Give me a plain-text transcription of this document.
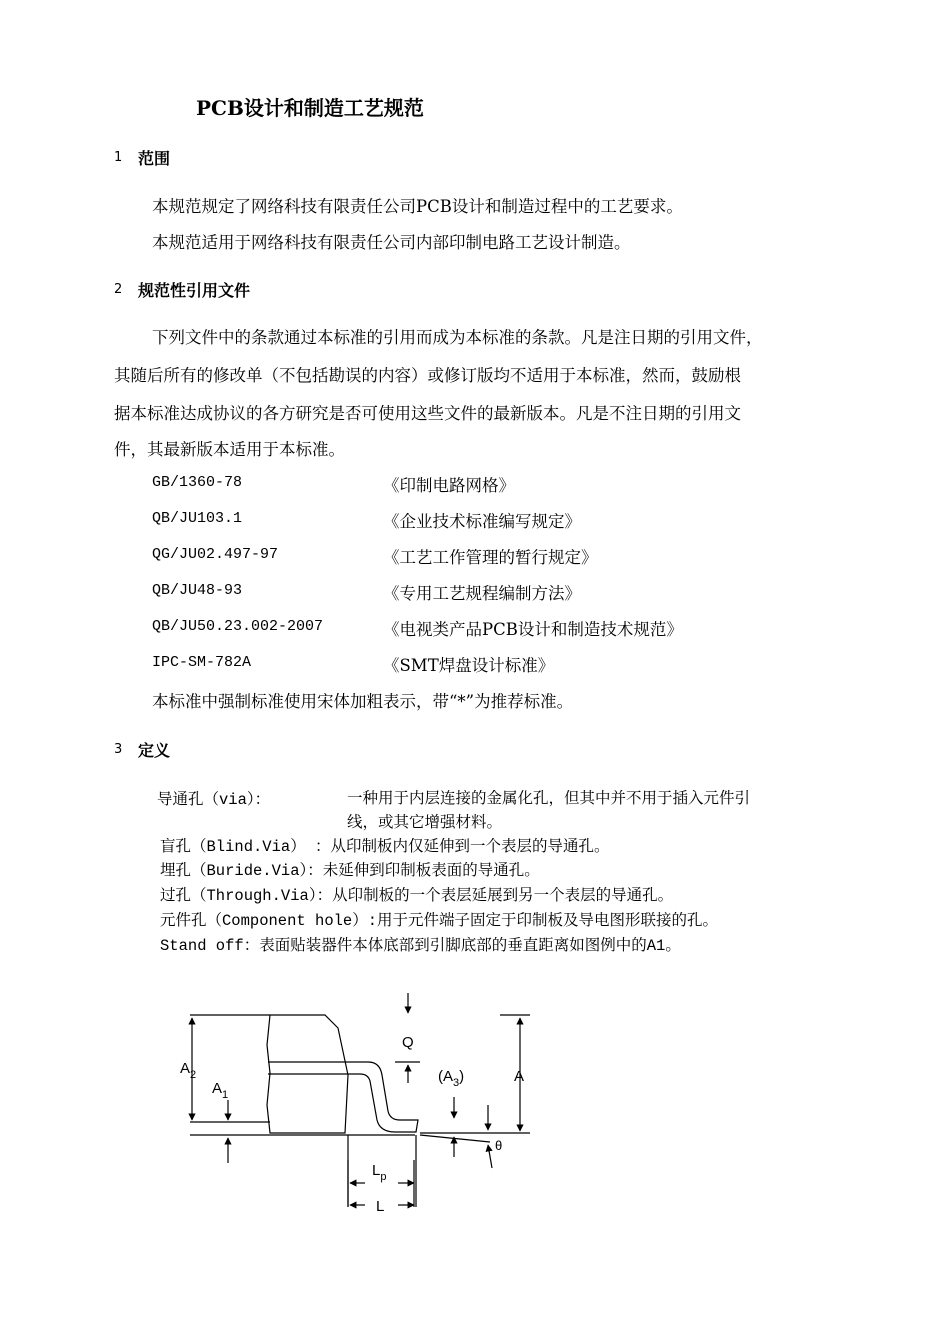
PCB设计和制造工艺规范
1 范围
本规范规定了网络科技有限责任公司PCB设计和制造过程中的工艺要求。
本规范适用于网络科技有限责任公司内部印制电路工艺设计制造。
2 规范性引用文件
下列文件中的条款通过本标准的引用而成为本标准的条款。凡是注日期的引用文件，
其随后所有的修改单（不包括勘误的内容）或修订版均不适用于本标准，然而，鼓励根
据本标准达成协议的各方研究是否可使用这些文件的最新版本。凡是不注日期的引用文
件，其最新版本适用于本标准。
GB/1360-78	《印制电路网格》
QB/JU103.1	《企业技术标准编写规定》
QG/JU02.497-97	《工艺工作管理的暂行规定》
QB/JU48-93	《专用工艺规程编制方法》
QB/JU50.23.002-2007	《电视类产品PCB设计和制造技术规范》
IPC-SM-782A	《SMT焊盘设计标准》
本标准中强制标准使用宋体加粗表示，带“*”为推荐标准。
3 定义
导通孔（via）：	一种用于内层连接的金属化孔，但其中并不用于插入元件引
线，或其它增强材料。
盲孔（Blind.Via） ：从印制板内仅延伸到一个表层的导通孔。
埋孔（Buride.Via）：未延伸到印制板表面的导通孔。
过孔（Through.Via）：从印制板的一个表层延展到另一个表层的导通孔。
元件孔（Component hole）:用于元件端子固定于印制板及导电图形联接的孔。
Stand off：表面贴装器件本体底部到引脚底部的垂直距离如图例中的A1。
Q
A
$A_2$
$A_1$
$(A_3)$
θ
$L_p$
L
